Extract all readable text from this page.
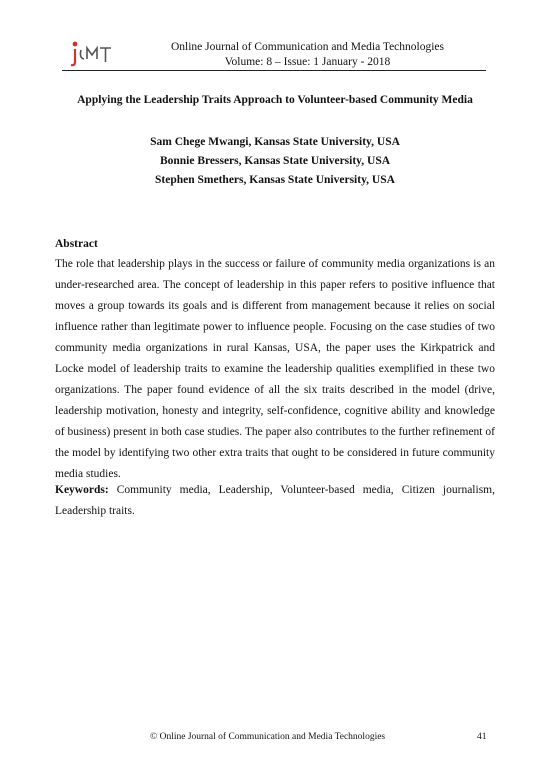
Online Journal of Communication and Media Technologies
Volume: 8 – Issue: 1 January - 2018
Applying the Leadership Traits Approach to Volunteer-based Community Media
Sam Chege Mwangi, Kansas State University, USA
Bonnie Bressers, Kansas State University, USA
Stephen Smethers, Kansas State University, USA
Abstract

The role that leadership plays in the success or failure of community media organizations is an under-researched area. The concept of leadership in this paper refers to positive influence that moves a group towards its goals and is different from management because it relies on social influence rather than legitimate power to influence people. Focusing on the case studies of two community media organizations in rural Kansas, USA, the paper uses the Kirkpatrick and Locke model of leadership traits to examine the leadership qualities exemplified in these two organizations. The paper found evidence of all the six traits described in the model (drive, leadership motivation, honesty and integrity, self-confidence, cognitive ability and knowledge of business) present in both case studies. The paper also contributes to the further refinement of the model by identifying two other extra traits that ought to be considered in future community media studies.

Keywords: Community media, Leadership, Volunteer-based media, Citizen journalism, Leadership traits.

© Online Journal of Communication and Media Technologies	41
